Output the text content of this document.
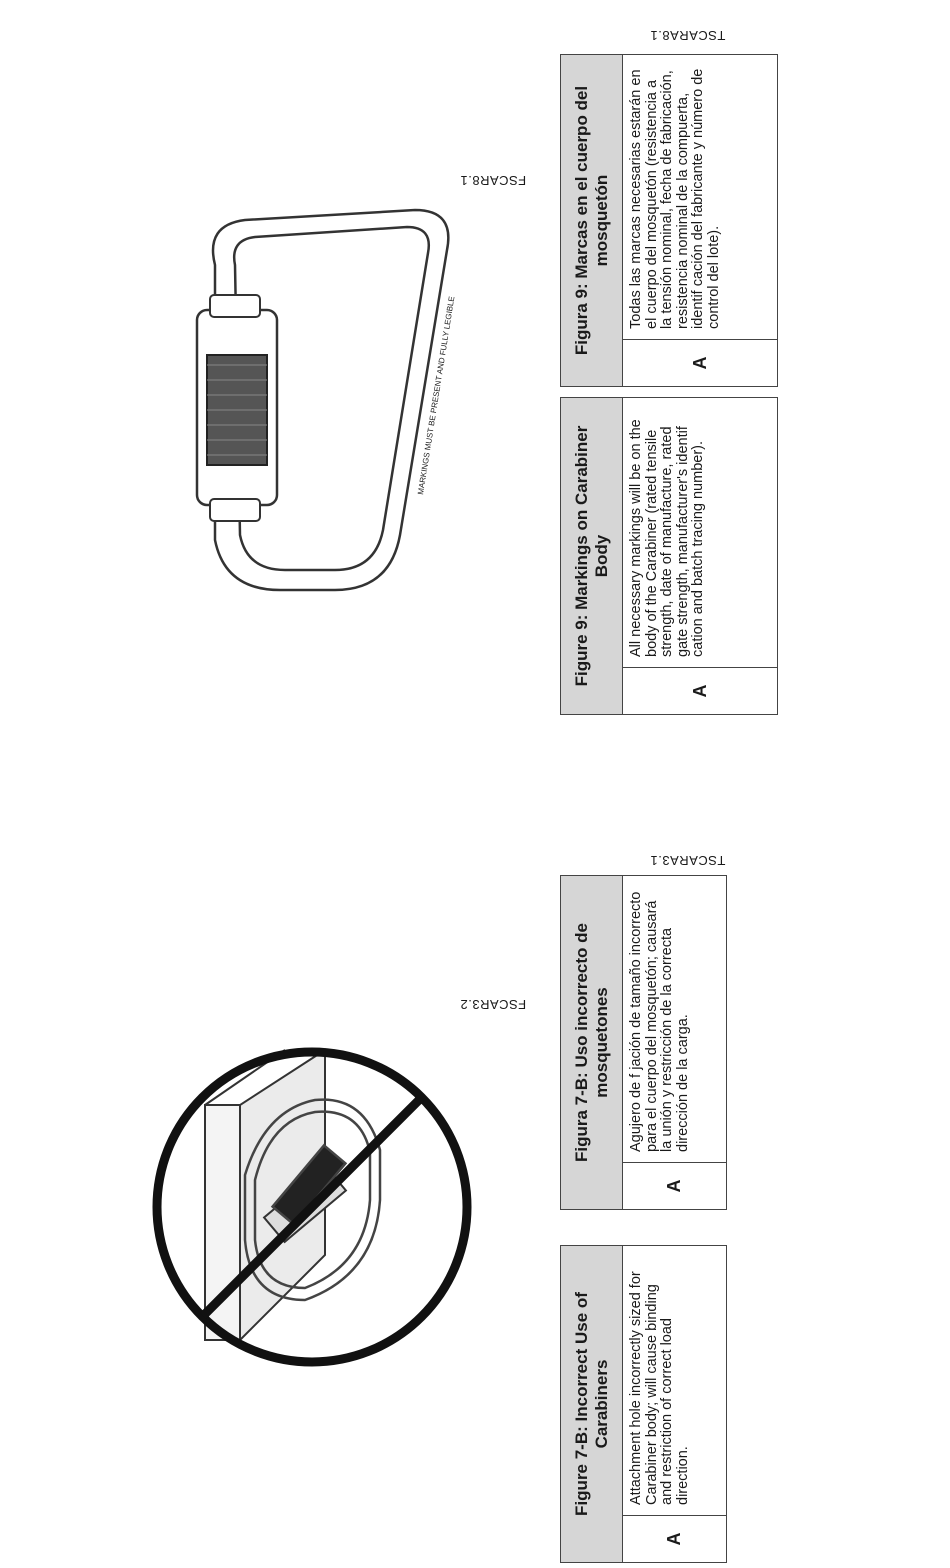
MARKINGS MUST BE PRESENT AND FULLY LEGIBLE
FSCAR3.2
TSCARA3.1
FSCAR8.1
TSCARA8.1
Figure 7-B: Incorrect Use of Carabiners
A
Attachment hole incorrectly sized for Carabiner body; will cause binding and restriction of correct load direction.
Figura 7-B: Uso incorrecto de mosquetones
A
Agujero de f jación de tamaño incorrecto para el cuerpo del mosquetón; causará la unión y restricción de la correcta dirección de la carga.
Figure 9: Markings on Carabiner Body
A
All necessary markings will be on the body of the Carabiner (rated tensile strength, date of manufacture, rated gate strength, manufacturer's identif cation and batch tracing number).
Figura 9: Marcas en el cuerpo del mosquetón
A
Todas las marcas necesarias estarán en el cuerpo del mosquetón (resistencia a la tensión nominal, fecha de fabricación, resistencia nominal de la compuerta, identif cación del fabricante y número de control del lote).
